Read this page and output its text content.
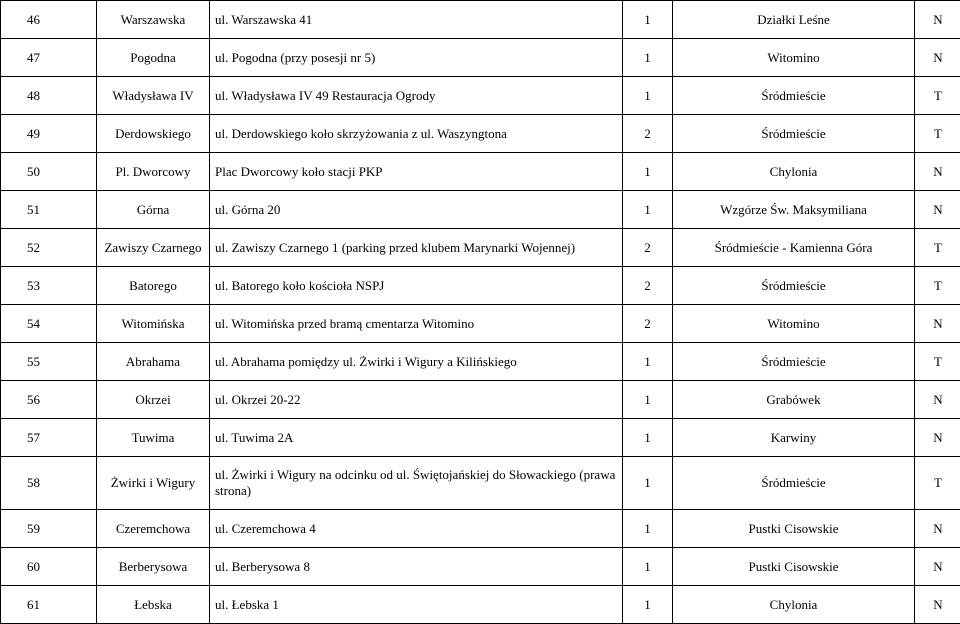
46	Warszawska	ul. Warszawska 41	1	Działki Leśne	N
47	Pogodna	ul. Pogodna (przy posesji nr 5)	1	Witomino	N
48	Władysława IV	ul. Władysława IV 49 Restauracja Ogrody	1	Śródmieście	T
49	Derdowskiego	ul. Derdowskiego koło skrzyżowania z ul. Waszyngtona	2	Śródmieście	T
50	Pl. Dworcowy	Plac Dworcowy koło stacji PKP	1	Chylonia	N
51	Górna	ul. Górna 20	1	Wzgórze Św. Maksymiliana	N
52	Zawiszy Czarnego	ul. Zawiszy Czarnego 1 (parking przed klubem Marynarki Wojennej)	2	Śródmieście - Kamienna Góra	T
53	Batorego	ul. Batorego koło kościoła NSPJ	2	Śródmieście	T
54	Witomińska	ul. Witomińska przed bramą cmentarza Witomino	2	Witomino	N
55	Abrahama	ul. Abrahama pomiędzy ul. Żwirki i Wigury a Kilińskiego	1	Śródmieście	T
56	Okrzei	ul. Okrzei 20-22	1	Grabówek	N
57	Tuwima	ul. Tuwima 2A	1	Karwiny	N
58	Żwirki i Wigury	ul. Żwirki i Wigury na odcinku od ul. Świętojańskiej do Słowackiego (prawa strona)	1	Śródmieście	T
59	Czeremchowa	ul. Czeremchowa 4	1	Pustki Cisowskie	N
60	Berberysowa	ul. Berberysowa 8	1	Pustki Cisowskie	N
61	Łebska	ul. Łebska 1	1	Chylonia	N
